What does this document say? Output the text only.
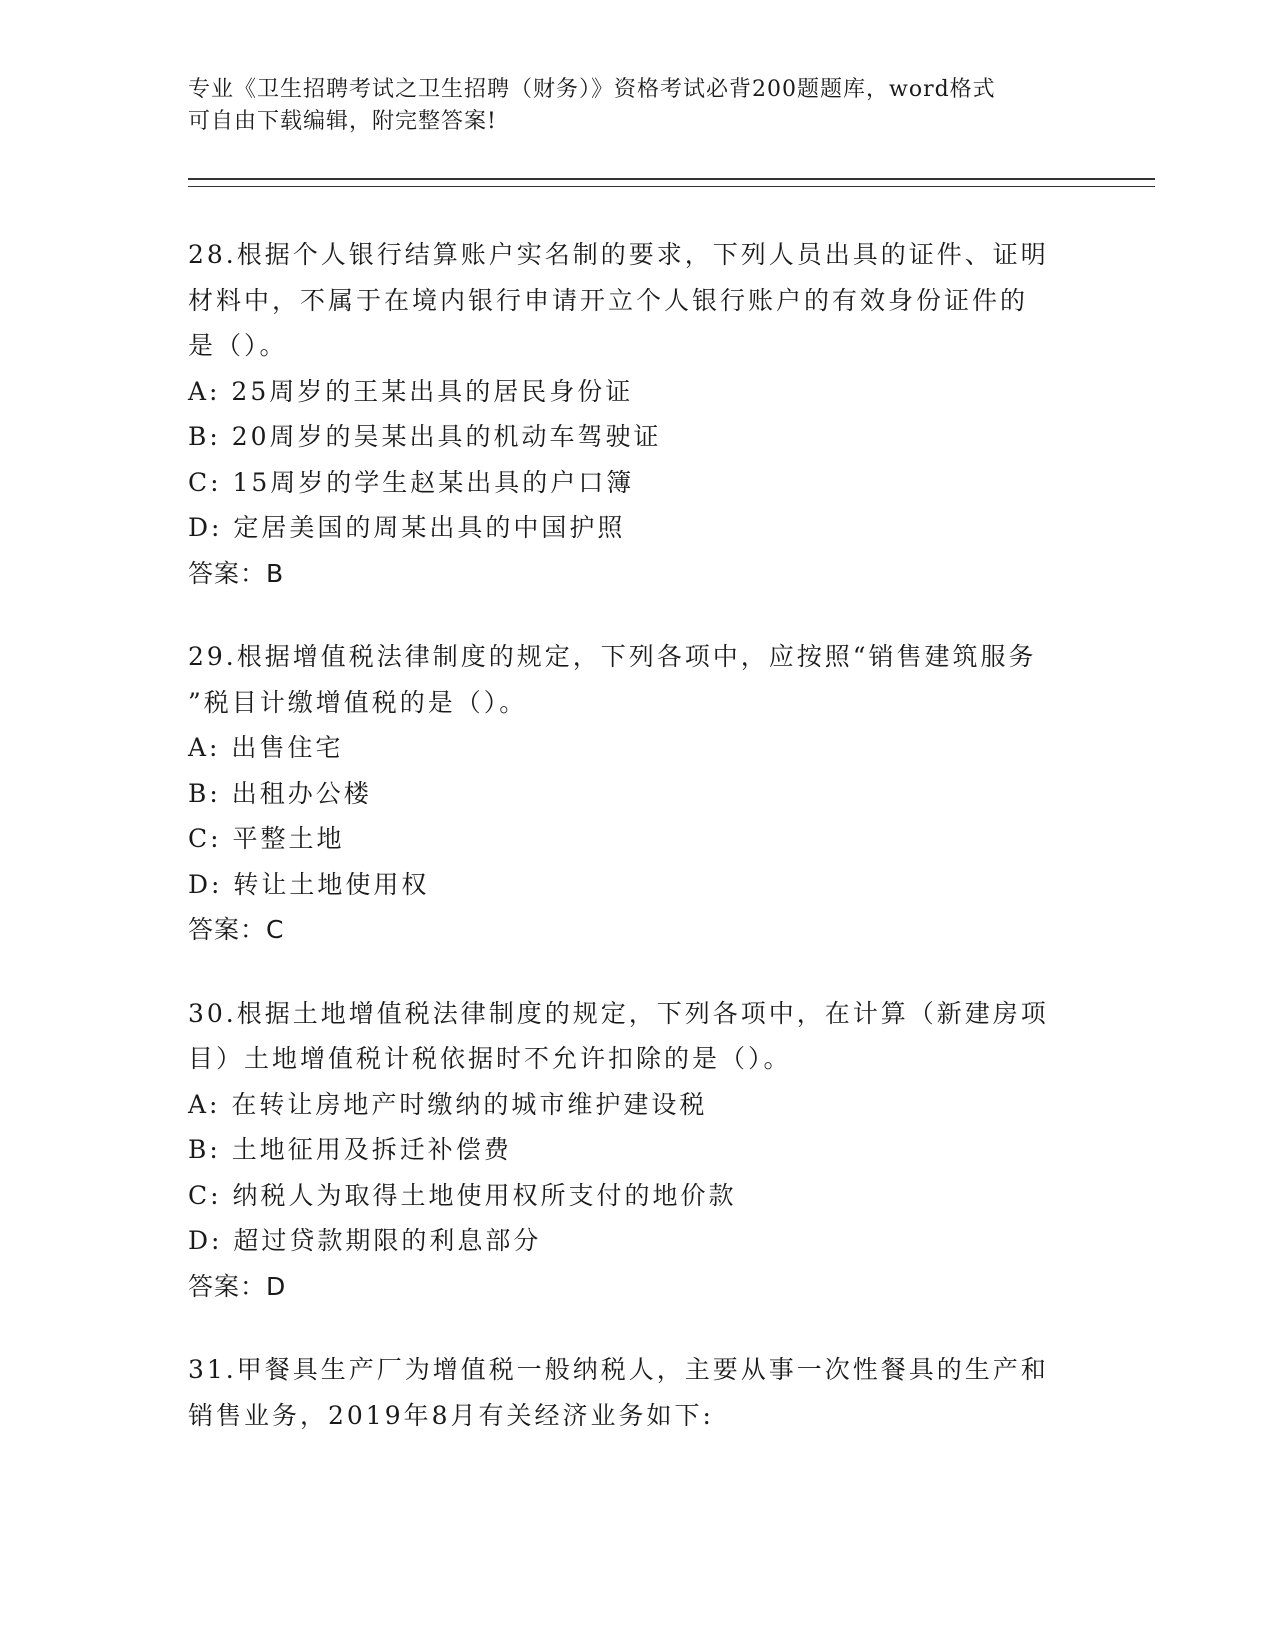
专业《卫生招聘考试之卫生招聘（财务）》资格考试必背200题题库，word格式
可自由下载编辑，附完整答案!
28.根据个人银行结算账户实名制的要求，下列人员出具的证件、证明
材料中，不属于在境内银行申请开立个人银行账户的有效身份证件的
是（）。
A: 25周岁的王某出具的居民身份证
B: 20周岁的吴某出具的机动车驾驶证
C: 15周岁的学生赵某出具的户口簿
D: 定居美国的周某出具的中国护照
答案：B
29.根据增值税法律制度的规定，下列各项中，应按照“销售建筑服务
”税目计缴增值税的是（）。
A: 出售住宅
B: 出租办公楼
C: 平整土地
D: 转让土地使用权
答案：C
30.根据土地增值税法律制度的规定，下列各项中，在计算（新建房项
目）土地增值税计税依据时不允许扣除的是（）。
A: 在转让房地产时缴纳的城市维护建设税
B: 土地征用及拆迁补偿费
C: 纳税人为取得土地使用权所支付的地价款
D: 超过贷款期限的利息部分
答案：D
31.甲餐具生产厂为增值税一般纳税人，主要从事一次性餐具的生产和
销售业务，2019年8月有关经济业务如下:
